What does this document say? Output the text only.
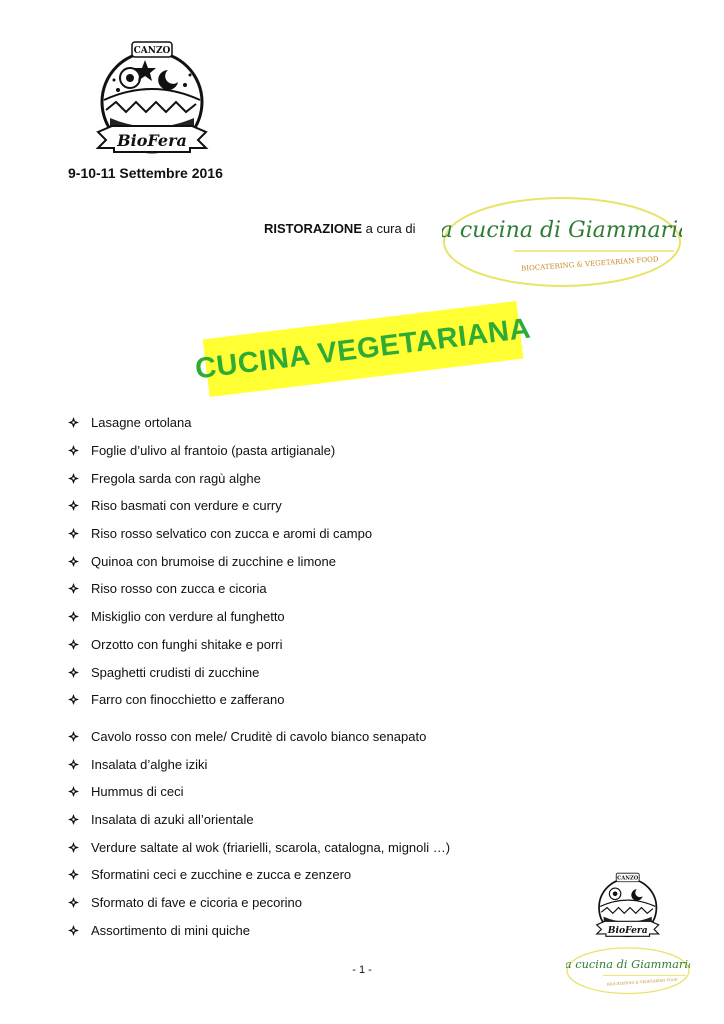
CANZO
BioFera
9-10-11 Settembre 2016
RISTORAZIONE a cura di la cucina di Giammaria
BIOCATERING & VEGETARIAN FOOD
CUCINA VEGETARIANA
Lasagne ortolana
Foglie d’ulivo al frantoio (pasta artigianale)
Fregola sarda con ragù alghe
Riso basmati con verdure e curry
Riso rosso selvatico con zucca e aromi di campo
Quinoa con brumoise di zucchine e limone
Riso rosso con zucca e cicoria
Miskiglio con verdure al funghetto
Orzotto con funghi shitake e porri
Spaghetti crudisti di zucchine
Farro con finocchietto e zafferano
Cavolo rosso con mele/ Cruditè di cavolo bianco senapato
Insalata d’alghe iziki
Hummus di ceci
Insalata di azuki all’orientale
Verdure saltate al wok (friarielli, scarola, catalogna, mignoli …)
Sformatini ceci e zucchine e zucca e zenzero
Sformato di fave e cicoria e pecorino
Assortimento di mini quiche
CANZO
BioFera
la cucina di Giammaria
BIOCATERING & VEGETARIAN FOOD
- 1 -
